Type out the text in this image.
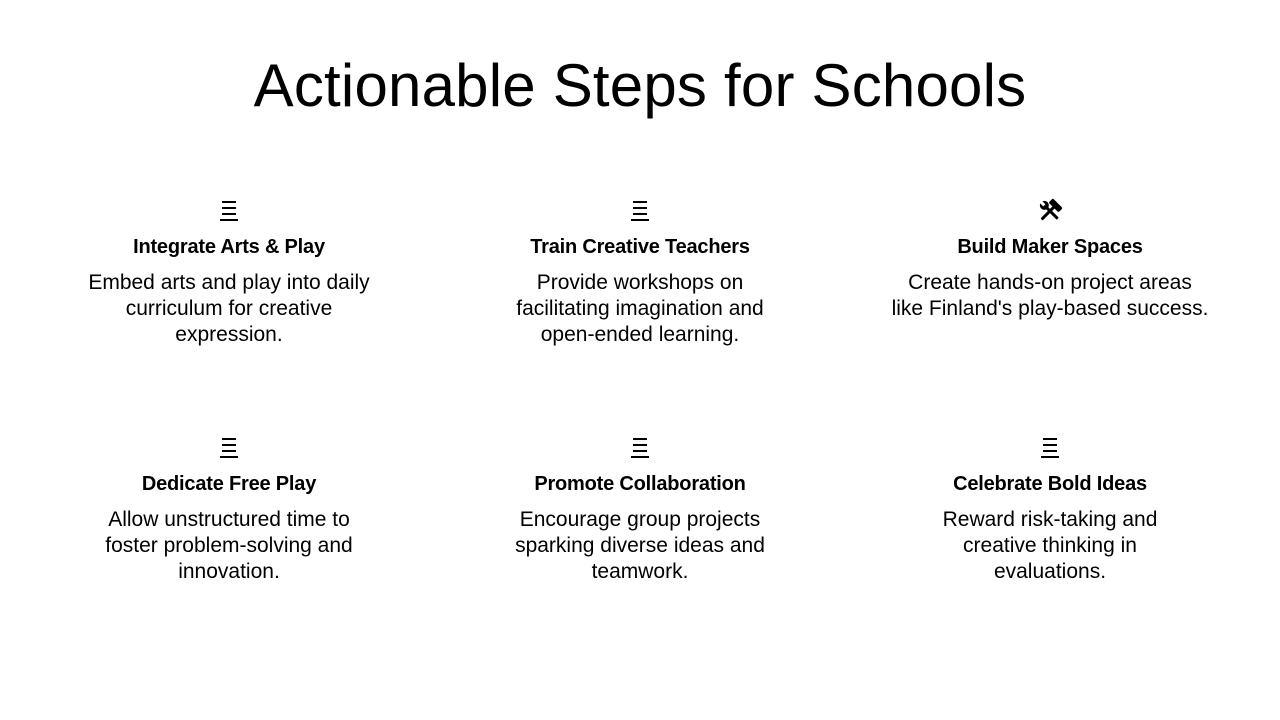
Actionable Steps for Schools

Integrate Arts & Play

Embed arts and play into daily curriculum for creative expression.

Train Creative Teachers

Provide workshops on facilitating imagination and open-ended learning.

Build Maker Spaces

Create hands-on project areas like Finland's play-based success.

Dedicate Free Play

Allow unstructured time to foster problem-solving and innovation.

Promote Collaboration

Encourage group projects sparking diverse ideas and teamwork.

Celebrate Bold Ideas

Reward risk-taking and creative thinking in evaluations.
